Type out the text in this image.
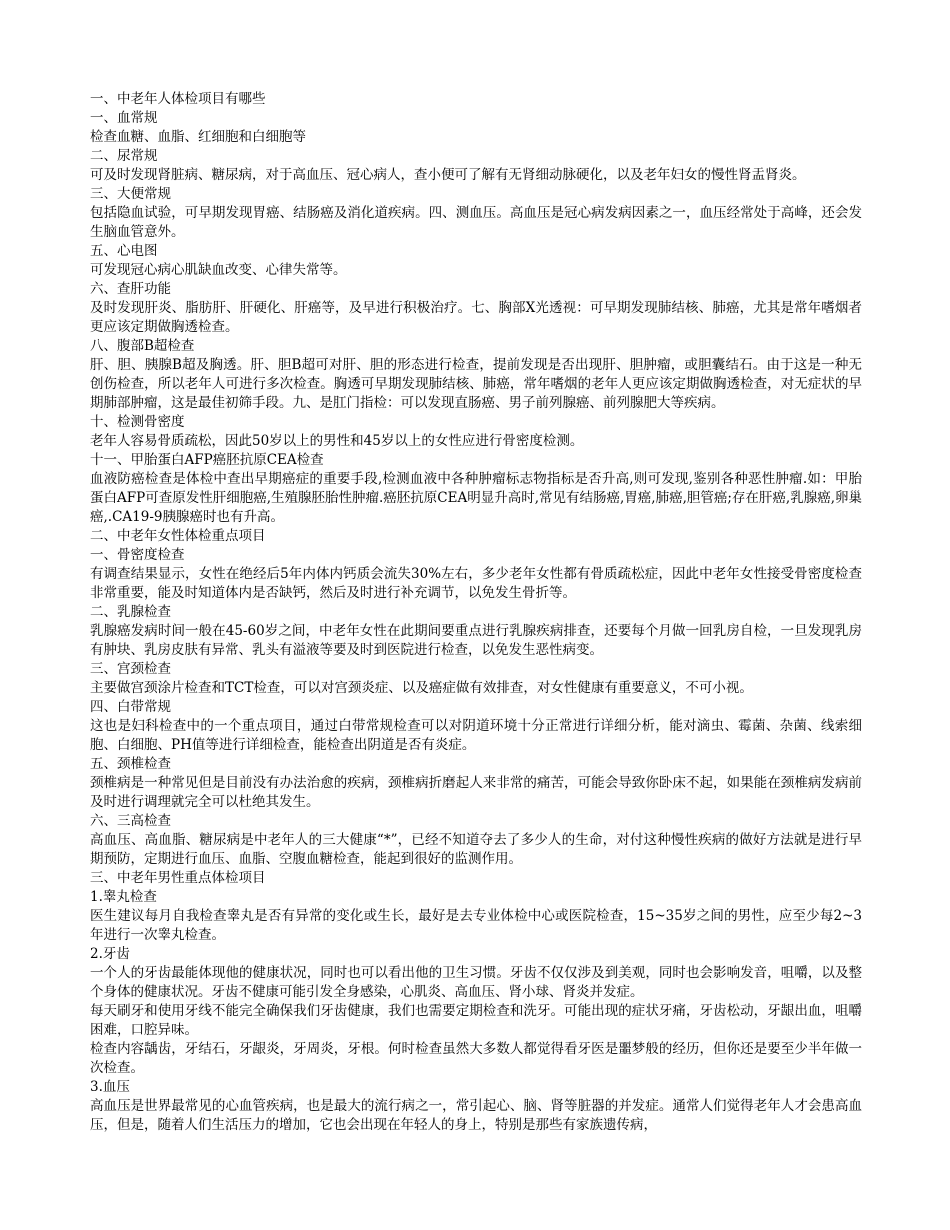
一、中老年人体检项目有哪些

一、血常规

检查血糖、血脂、红细胞和白细胞等

二、尿常规

可及时发现肾脏病、糖尿病，对于高血压、冠心病人，查小便可了解有无肾细动脉硬化，以及老年妇女的慢性肾盂肾炎。

三、大便常规

包括隐血试验，可早期发现胃癌、结肠癌及消化道疾病。四、测血压。高血压是冠心病发病因素之一，血压经常处于高峰，还会发生脑血管意外。

五、心电图

可发现冠心病心肌缺血改变、心律失常等。

六、查肝功能

及时发现肝炎、脂肪肝、肝硬化、肝癌等，及早进行积极治疗。七、胸部X光透视：可早期发现肺结核、肺癌，尤其是常年嗜烟者更应该定期做胸透检查。

八、腹部B超检查

肝、胆、胰腺B超及胸透。肝、胆B超可对肝、胆的形态进行检查，提前发现是否出现肝、胆肿瘤，或胆囊结石。由于这是一种无创伤检查，所以老年人可进行多次检查。胸透可早期发现肺结核、肺癌，常年嗜烟的老年人更应该定期做胸透检查，对无症状的早期肺部肿瘤，这是最佳初筛手段。九、是肛门指检：可以发现直肠癌、男子前列腺癌、前列腺肥大等疾病。

十、检测骨密度

老年人容易骨质疏松，因此50岁以上的男性和45岁以上的女性应进行骨密度检测。

十一、甲胎蛋白AFP癌胚抗原CEA检查

血液防癌检查是体检中查出早期癌症的重要手段,检测血液中各种肿瘤标志物指标是否升高,则可发现,鉴别各种恶性肿瘤.如：甲胎蛋白AFP可查原发性肝细胞癌,生殖腺胚胎性肿瘤.癌胚抗原CEA明显升高时,常见有结肠癌,胃癌,肺癌,胆管癌;存在肝癌,乳腺癌,卵巢癌,.CA19-9胰腺癌时也有升高。

二、中老年女性体检重点项目

一、骨密度检查

有调查结果显示，女性在绝经后5年内体内钙质会流失30%左右，多少老年女性都有骨质疏松症，因此中老年女性接受骨密度检查非常重要，能及时知道体内是否缺钙，然后及时进行补充调节，以免发生骨折等。

二、乳腺检查

乳腺癌发病时间一般在45-60岁之间，中老年女性在此期间要重点进行乳腺疾病排查，还要每个月做一回乳房自检，一旦发现乳房有肿块、乳房皮肤有异常、乳头有溢液等要及时到医院进行检查，以免发生恶性病变。

三、宫颈检查

主要做宫颈涂片检查和TCT检查，可以对宫颈炎症、以及癌症做有效排查，对女性健康有重要意义，不可小视。

四、白带常规

这也是妇科检查中的一个重点项目，通过白带常规检查可以对阴道环境十分正常进行详细分析，能对滴虫、霉菌、杂菌、线索细胞、白细胞、PH值等进行详细检查，能检查出阴道是否有炎症。

五、颈椎检查

颈椎病是一种常见但是目前没有办法治愈的疾病，颈椎病折磨起人来非常的痛苦，可能会导致你卧床不起，如果能在颈椎病发病前及时进行调理就完全可以杜绝其发生。

六、三高检查

高血压、高血脂、糖尿病是中老年人的三大健康“*”，已经不知道夺去了多少人的生命，对付这种慢性疾病的做好方法就是进行早期预防，定期进行血压、血脂、空腹血糖检查，能起到很好的监测作用。

三、中老年男性重点体检项目

1.睾丸检查

医生建议每月自我检查睾丸是否有异常的变化或生长，最好是去专业体检中心或医院检查，15~35岁之间的男性，应至少每2~3年进行一次睾丸检查。

2.牙齿

一个人的牙齿最能体现他的健康状况，同时也可以看出他的卫生习惯。牙齿不仅仅涉及到美观，同时也会影响发音，咀嚼，以及整个身体的健康状况。牙齿不健康可能引发全身感染，心肌炎、高血压、肾小球、肾炎并发症。

每天刷牙和使用牙线不能完全确保我们牙齿健康，我们也需要定期检查和洗牙。可能出现的症状牙痛，牙齿松动，牙龈出血，咀嚼困难，口腔异味。

检查内容龋齿，牙结石，牙龈炎，牙周炎，牙根。何时检查虽然大多数人都觉得看牙医是噩梦般的经历，但你还是要至少半年做一次检查。

3.血压

高血压是世界最常见的心血管疾病，也是最大的流行病之一，常引起心、脑、肾等脏器的并发症。通常人们觉得老年人才会患高血压，但是，随着人们生活压力的增加，它也会出现在年轻人的身上，特别是那些有家族遗传病，
